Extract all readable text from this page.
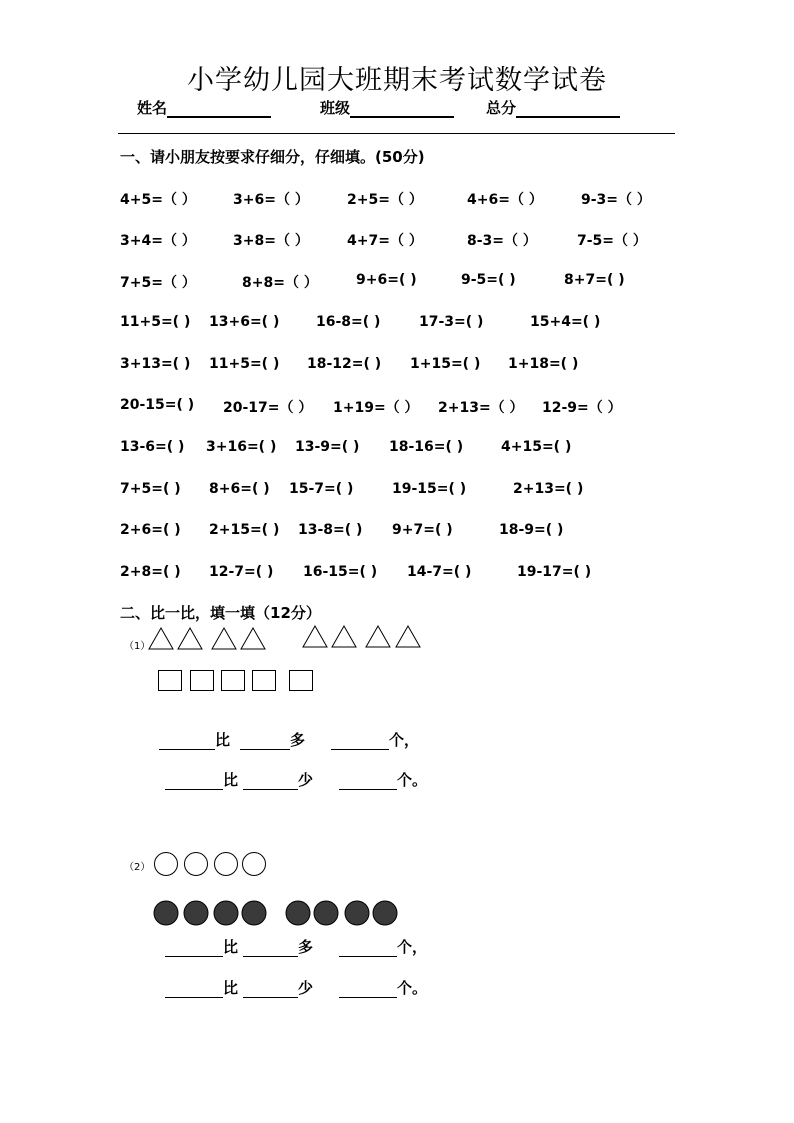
小学幼儿园大班期末考试数学试卷
姓名	班级	总分
一、请小朋友按要求仔细分，仔细填。(50分)
4+5=（ ）	3+6=（ ）	2+5=（ ）	4+6=（ ）	9-3=（ ）
3+4=（ ）	3+8=（ ）	4+7=（ ）	8-3=（ ）	7-5=（ ）
7+5=（ ）	8+8=（ ）	9+6=( )	9-5=( )	8+7=( )
11+5=( ) 13+6=( )	16-8=( )	17-3=( )	15+4=( )
3+13=( ) 11+5=( ) 18-12=( ) 1+15=( ) 1+18=( )
20-15=( ) 20-17=（ ） 1+19=（ ） 2+13=（ ） 12-9=（ ）
13-6=( ) 3+16=( ) 13-9=( ) 18-16=( )	4+15=( )
7+5=( ) 8+6=( ) 15-7=( )	19-15=( )	2+13=( )
2+6=( ) 2+15=( ) 13-8=( ) 9+7=( )	18-9=( )
2+8=( ) 12-7=( ) 16-15=( ) 14-7=( )	19-17=( )
二、比一比，填一填（12分）
（1）
比	多	个，
比	少	个。
（2）
比	多	个，
比	少	个。
